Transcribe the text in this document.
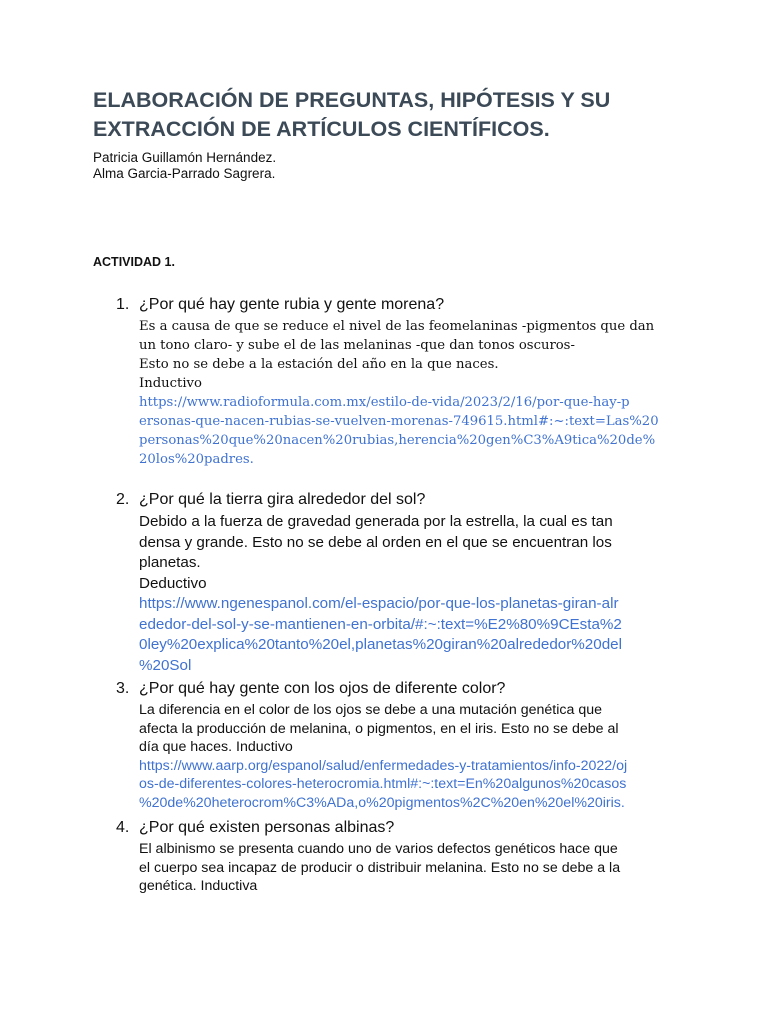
ELABORACIÓN DE PREGUNTAS, HIPÓTESIS Y SU
EXTRACCIÓN DE ARTÍCULOS CIENTÍFICOS.
Patricia Guillamón Hernández.
Alma Garcia-Parrado Sagrera.
ACTIVIDAD 1.
1. ¿Por qué hay gente rubia y gente morena?
Es a causa de que se reduce el nivel de las feomelaninas -pigmentos que dan
un tono claro- y sube el de las melaninas -que dan tonos oscuros-
Esto no se debe a la estación del año en la que naces.
Inductivo
https://www.radioformula.com.mx/estilo-de-vida/2023/2/16/por-que-hay-p
ersonas-que-nacen-rubias-se-vuelven-morenas-749615.html#:~:text=Las%20
personas%20que%20nacen%20rubias,herencia%20gen%C3%A9tica%20de%
20los%20padres.
2. ¿Por qué la tierra gira alrededor del sol?
Debido a la fuerza de gravedad generada por la estrella, la cual es tan
densa y grande. Esto no se debe al orden en el que se encuentran los
planetas.
Deductivo
https://www.ngenespanol.com/el-espacio/por-que-los-planetas-giran-alr
ededor-del-sol-y-se-mantienen-en-orbita/#:~:text=%E2%80%9CEsta%2
0ley%20explica%20tanto%20el,planetas%20giran%20alrededor%20del
%20Sol
3. ¿Por qué hay gente con los ojos de diferente color?
La diferencia en el color de los ojos se debe a una mutación genética que
afecta la producción de melanina, o pigmentos, en el iris. Esto no se debe al
día que haces. Inductivo
https://www.aarp.org/espanol/salud/enfermedades-y-tratamientos/info-2022/oj
os-de-diferentes-colores-heterocromia.html#:~:text=En%20algunos%20casos
%20de%20heterocrom%C3%ADa,o%20pigmentos%2C%20en%20el%20iris.
4. ¿Por qué existen personas albinas?
El albinismo se presenta cuando uno de varios defectos genéticos hace que
el cuerpo sea incapaz de producir o distribuir melanina. Esto no se debe a la
genética. Inductiva
